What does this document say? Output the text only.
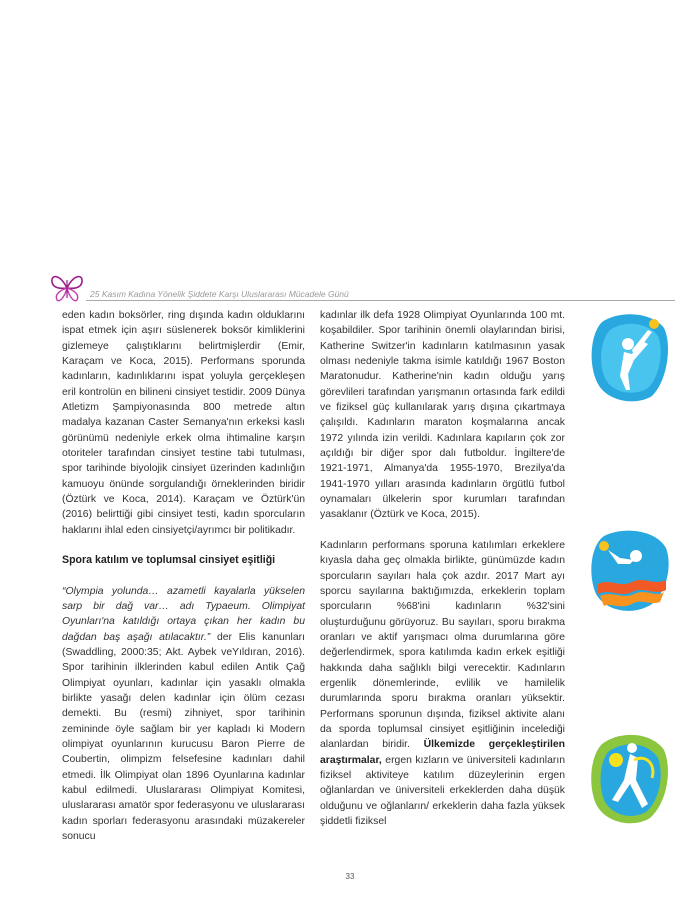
25 Kasım Kadına Yönelik Şiddete Karşı Uluslararası Mücadele Günü

eden kadın boksörler, ring dışında kadın olduklarını ispat etmek için aşırı süslenerek boksör kimliklerini gizlemeye çalıştıklarını belirtmişlerdir (Emir, Karaçam ve Koca, 2015). Performans sporunda kadınların, kadınlıklarını ispat yoluyla gerçekleşen eril kontrolün en bilineni cinsiyet testidir. 2009 Dünya Atletizm Şampiyonasında 800 metrede altın madalya kazanan Caster Semanya'nın erkeksi kaslı görünümü nedeniyle erkek olma ihtimaline karşın otoriteler tarafından cinsiyet testine tabi tutulması, spor tarihinde biyolojik cinsiyet üzerinden kadınlığın kamuoyu önünde sorgulandığı örneklerinden biridir (Öztürk ve Koca, 2014). Karaçam ve Öztürk'ün (2016) belirttiği gibi cinsiyet testi, kadın sporcuların haklarını ihlal eden cinsiyetçi/ayrımcı bir politikadır.

Spora katılım ve toplumsal cinsiyet eşitliği

“Olympia yolunda… azametli kayalarla yükselen sarp bir dağ var… adı Typaeum. Olimpiyat Oyunları'na katıldığı ortaya çıkan her kadın bu dağdan baş aşağı atılacaktır.” der Elis kanunları (Swaddling, 2000:35; Akt. Aybek veYıldıran, 2016). Spor tarihinin ilklerinden kabul edilen Antik Çağ Olimpiyat oyunları, kadınlar için yasaklı olmakla birlikte yasağı delen kadınlar için ölüm cezası demekti. Bu (resmi) zihniyet, spor tarihinin zemininde öyle sağlam bir yer kapladı ki Modern olimpiyat oyunlarının kurucusu Baron Pierre de Coubertin, olimpizm felsefesine kadınları dahil etmedi. İlk Olimpiyat olan 1896 Oyunlarına kadınlar kabul edilmedi. Uluslararası Olimpiyat Komitesi, uluslararası amatör spor federasyonu ve uluslararası kadın sporları federasyonu arasındaki müzakereler sonucu

kadınlar ilk defa 1928 Olimpiyat Oyunlarında 100 mt. koşabildiler. Spor tarihinin önemli olaylarından birisi, Katherine Switzer'in kadınların katılmasının yasak olması nedeniyle takma isimle katıldığı 1967 Boston Maratonudur. Katherine'nin kadın olduğu yarış görevlileri tarafından yarışmanın ortasında fark edildi ve fiziksel güç kullanılarak yarış dışına çıkartmaya çalışıldı. Kadınların maraton koşmalarına ancak 1972 yılında izin verildi. Kadınlara kapıların çok zor açıldığı bir diğer spor dalı futboldur. İngiltere'de 1921-1971, Almanya'da 1955-1970, Brezilya'da 1941-1970 yılları arasında kadınların örgütlü futbol oynamaları ülkelerin spor kurumları tarafından yasaklanır (Öztürk ve Koca, 2015).

Kadınların performans sporuna katılımları erkeklere kıyasla daha geç olmakla birlikte, günümüzde kadın sporcuların sayıları hala çok azdır. 2017 Mart ayı sporcu sayılarına baktığımızda, erkeklerin toplam sporcuların %68'ini kadınların %32'sini oluşturduğunu görüyoruz. Bu sayıları, sporu bırakma oranları ve aktif yarışmacı olma durumlarına göre değerlendirmek, spora katılımda kadın erkek eşitliği hakkında daha sağlıklı bilgi verecektir. Kadınların ergenlik dönemlerinde, evlilik ve hamilelik durumlarında sporu bırakma oranları yüksektir. Performans sporunun dışında, fiziksel aktivite alanı da sporda toplumsal cinsiyet eşitliğinin incelediği alanlardan biridir. Ülkemizde gerçekleştirilen araştırmalar, ergen kızların ve üniversiteli kadınların fiziksel aktiviteye katılım düzeylerinin ergen oğlanlardan ve üniversiteli erkeklerden daha düşük olduğunu ve oğlanların/ erkeklerin daha fazla yüksek şiddetli fiziksel

33
